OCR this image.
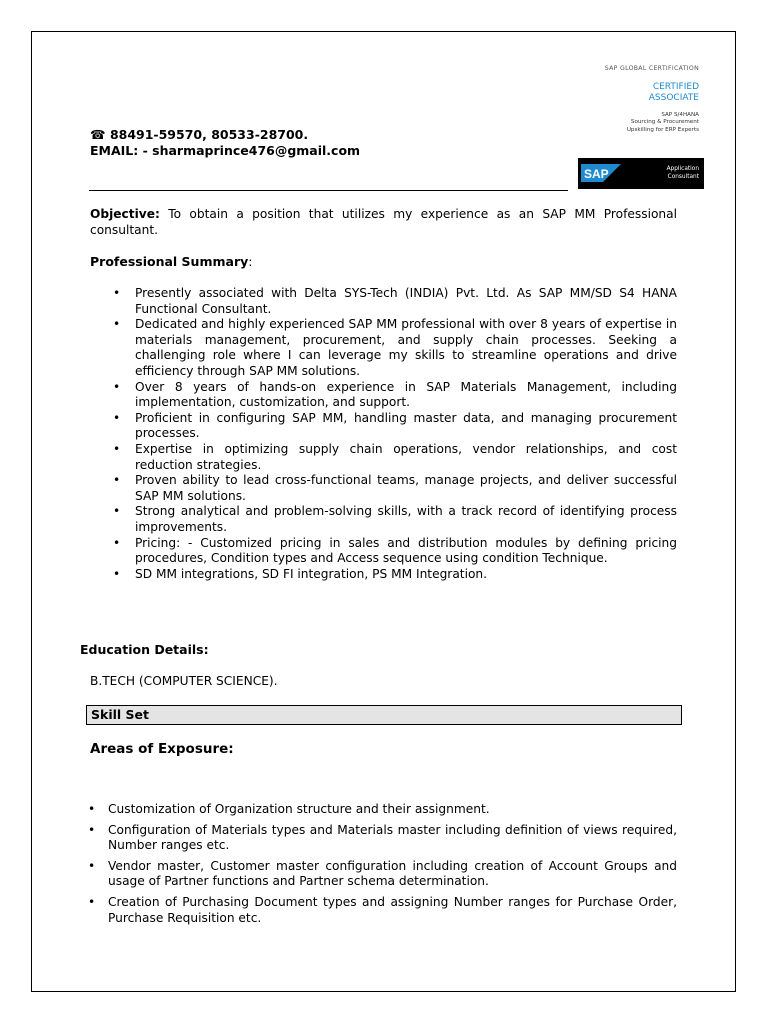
SAP GLOBAL CERTIFICATION
CERTIFIED
ASSOCIATE
SAP S/4HANA
Sourcing & Procurement
Upskilling for ERP Experts
SAP	Application
Consultant
☎ 88491-59570, 80533-28700.
EMAIL: - sharmaprince476@gmail.com
Objective: To obtain a position that utilizes my experience as an SAP MM Professional consultant.
Professional Summary:
• Presently associated with Delta SYS-Tech (INDIA) Pvt. Ltd. As SAP MM/SD S4 HANA Functional Consultant.
• Dedicated and highly experienced SAP MM professional with over 8 years of expertise in materials management, procurement, and supply chain processes. Seeking a challenging role where I can leverage my skills to streamline operations and drive efficiency through SAP MM solutions.
• Over 8 years of hands-on experience in SAP Materials Management, including implementation, customization, and support.
• Proficient in configuring SAP MM, handling master data, and managing procurement processes.
• Expertise in optimizing supply chain operations, vendor relationships, and cost reduction strategies.
• Proven ability to lead cross-functional teams, manage projects, and deliver successful SAP MM solutions.
• Strong analytical and problem-solving skills, with a track record of identifying process improvements.
• Pricing: - Customized pricing in sales and distribution modules by defining pricing procedures, Condition types and Access sequence using condition Technique.
• SD MM integrations, SD FI integration, PS MM Integration.
Education Details:
B.TECH (COMPUTER SCIENCE).
Skill Set
Areas of Exposure:
• Customization of Organization structure and their assignment.
• Configuration of Materials types and Materials master including definition of views required, Number ranges etc.
• Vendor master, Customer master configuration including creation of Account Groups and usage of Partner functions and Partner schema determination.
• Creation of Purchasing Document types and assigning Number ranges for Purchase Order, Purchase Requisition etc.
